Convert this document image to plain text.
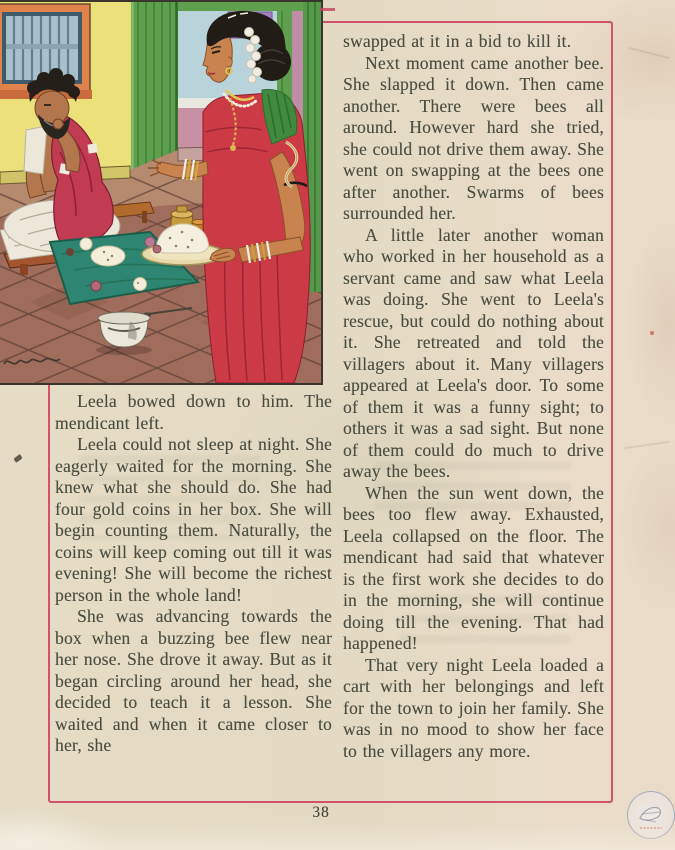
Leela bowed down to him. The mendicant left.

Leela could not sleep at night. She eagerly waited for the morning. She knew what she should do. She had four gold coins in her box. She will begin counting them. Naturally, the coins will keep coming out till it was evening! She will become the richest person in the whole land!

She was advancing towards the box when a buzzing bee flew near her nose. She drove it away. But as it began circling around her head, she decided to teach it a lesson. She waited and when it came closer to her, she

swapped at it in a bid to kill it.

Next moment came another bee. She slapped it down. Then came another. There were bees all around. However hard she tried, she could not drive them away. She went on swapping at the bees one after another. Swarms of bees surrounded her.

A little later another woman who worked in her household as a servant came and saw what Leela was doing. She went to Leela's rescue, but could do nothing about it. She retreated and told the villagers about it. Many villagers appeared at Leela's door. To some of them it was a funny sight; to others it was a sad sight. But none of them could do much to drive away the bees.

When the sun went down, the bees too flew away. Exhausted, Leela collapsed on the floor. The mendicant had said that whatever is the first work she decides to do in the morning, she will continue doing till the evening. That had happened!

That very night Leela loaded a cart with her belongings and left for the town to join her family. She was in no mood to show her face to the villagers any more.

38
